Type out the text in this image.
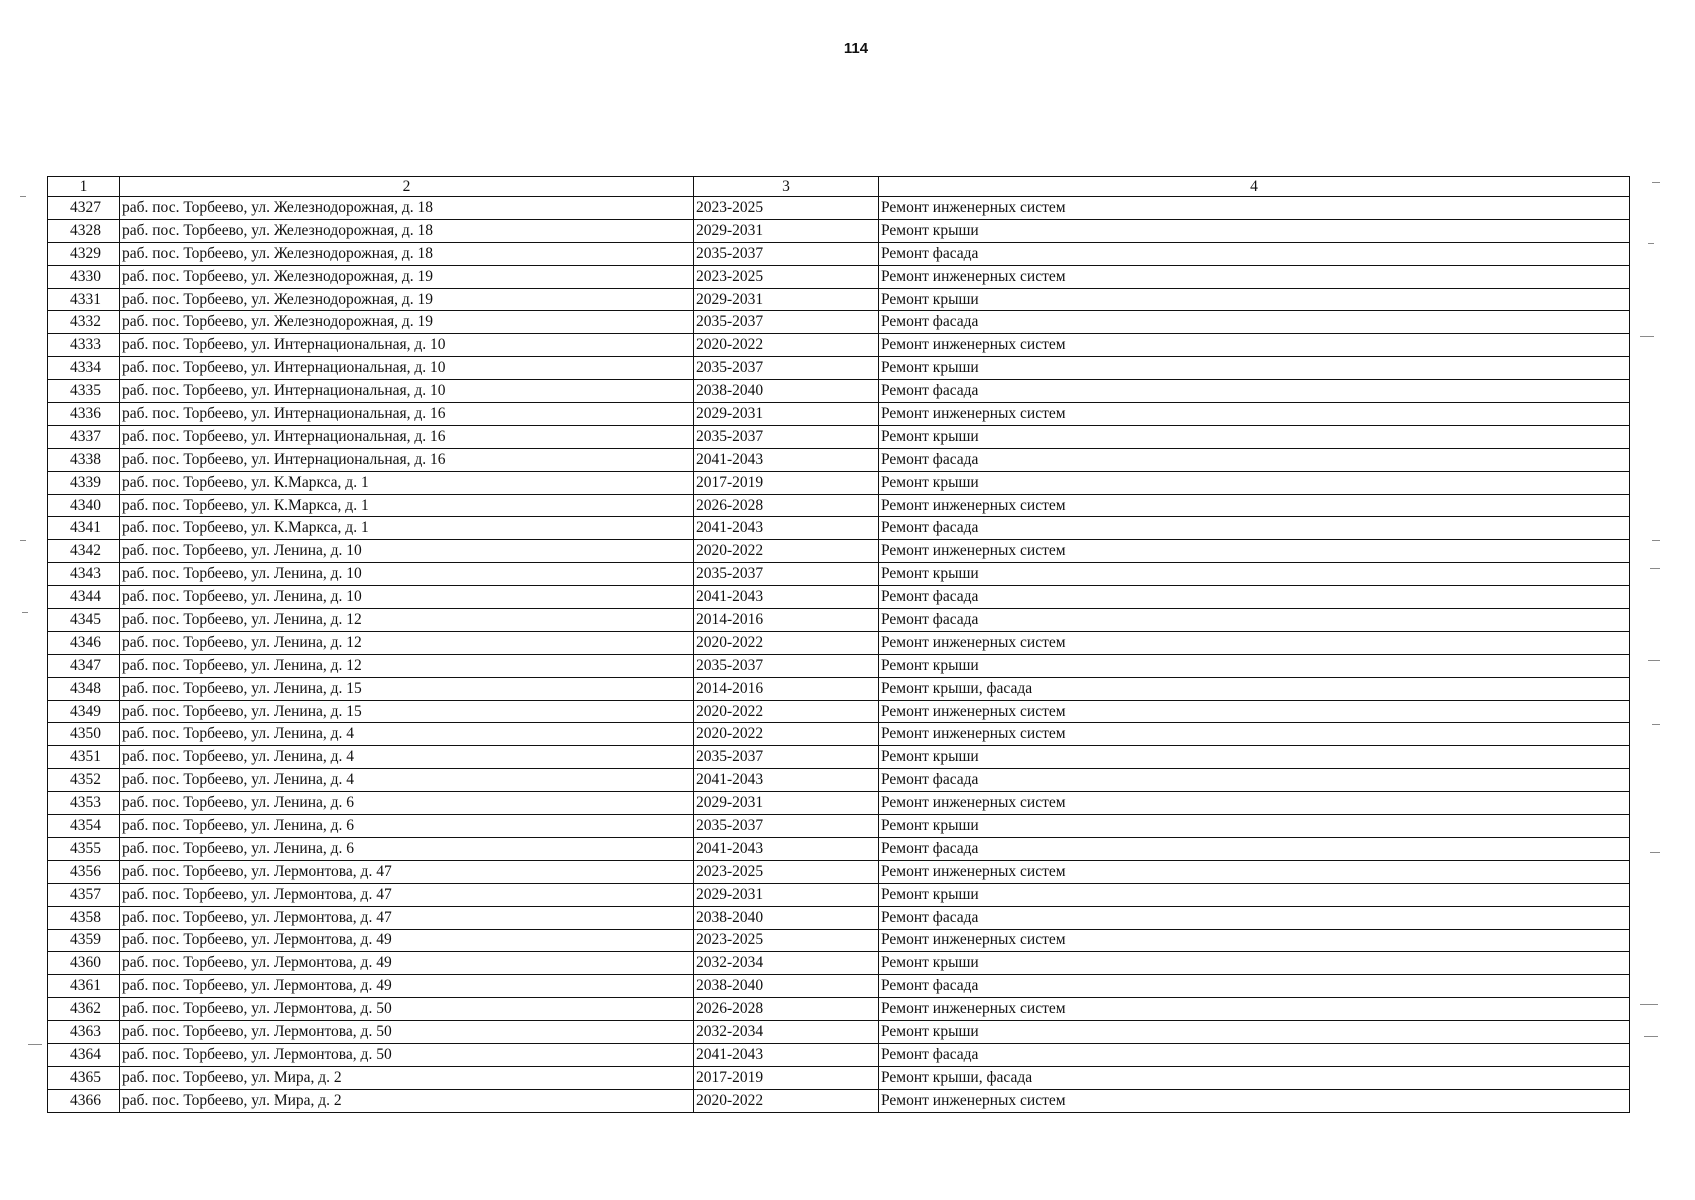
114
1	2	3	4
4327	раб. пос. Торбеево, ул. Железнодорожная, д. 18	2023-2025	Ремонт инженерных систем
4328	раб. пос. Торбеево, ул. Железнодорожная, д. 18	2029-2031	Ремонт крыши
4329	раб. пос. Торбеево, ул. Железнодорожная, д. 18	2035-2037	Ремонт фасада
4330	раб. пос. Торбеево, ул. Железнодорожная, д. 19	2023-2025	Ремонт инженерных систем
4331	раб. пос. Торбеево, ул. Железнодорожная, д. 19	2029-2031	Ремонт крыши
4332	раб. пос. Торбеево, ул. Железнодорожная, д. 19	2035-2037	Ремонт фасада
4333	раб. пос. Торбеево, ул. Интернациональная, д. 10	2020-2022	Ремонт инженерных систем
4334	раб. пос. Торбеево, ул. Интернациональная, д. 10	2035-2037	Ремонт крыши
4335	раб. пос. Торбеево, ул. Интернациональная, д. 10	2038-2040	Ремонт фасада
4336	раб. пос. Торбеево, ул. Интернациональная, д. 16	2029-2031	Ремонт инженерных систем
4337	раб. пос. Торбеево, ул. Интернациональная, д. 16	2035-2037	Ремонт крыши
4338	раб. пос. Торбеево, ул. Интернациональная, д. 16	2041-2043	Ремонт фасада
4339	раб. пос. Торбеево, ул. К.Маркса, д. 1	2017-2019	Ремонт крыши
4340	раб. пос. Торбеево, ул. К.Маркса, д. 1	2026-2028	Ремонт инженерных систем
4341	раб. пос. Торбеево, ул. К.Маркса, д. 1	2041-2043	Ремонт фасада
4342	раб. пос. Торбеево, ул. Ленина, д. 10	2020-2022	Ремонт инженерных систем
4343	раб. пос. Торбеево, ул. Ленина, д. 10	2035-2037	Ремонт крыши
4344	раб. пос. Торбеево, ул. Ленина, д. 10	2041-2043	Ремонт фасада
4345	раб. пос. Торбеево, ул. Ленина, д. 12	2014-2016	Ремонт фасада
4346	раб. пос. Торбеево, ул. Ленина, д. 12	2020-2022	Ремонт инженерных систем
4347	раб. пос. Торбеево, ул. Ленина, д. 12	2035-2037	Ремонт крыши
4348	раб. пос. Торбеево, ул. Ленина, д. 15	2014-2016	Ремонт крыши, фасада
4349	раб. пос. Торбеево, ул. Ленина, д. 15	2020-2022	Ремонт инженерных систем
4350	раб. пос. Торбеево, ул. Ленина, д. 4	2020-2022	Ремонт инженерных систем
4351	раб. пос. Торбеево, ул. Ленина, д. 4	2035-2037	Ремонт крыши
4352	раб. пос. Торбеево, ул. Ленина, д. 4	2041-2043	Ремонт фасада
4353	раб. пос. Торбеево, ул. Ленина, д. 6	2029-2031	Ремонт инженерных систем
4354	раб. пос. Торбеево, ул. Ленина, д. 6	2035-2037	Ремонт крыши
4355	раб. пос. Торбеево, ул. Ленина, д. 6	2041-2043	Ремонт фасада
4356	раб. пос. Торбеево, ул. Лермонтова, д. 47	2023-2025	Ремонт инженерных систем
4357	раб. пос. Торбеево, ул. Лермонтова, д. 47	2029-2031	Ремонт крыши
4358	раб. пос. Торбеево, ул. Лермонтова, д. 47	2038-2040	Ремонт фасада
4359	раб. пос. Торбеево, ул. Лермонтова, д. 49	2023-2025	Ремонт инженерных систем
4360	раб. пос. Торбеево, ул. Лермонтова, д. 49	2032-2034	Ремонт крыши
4361	раб. пос. Торбеево, ул. Лермонтова, д. 49	2038-2040	Ремонт фасада
4362	раб. пос. Торбеево, ул. Лермонтова, д. 50	2026-2028	Ремонт инженерных систем
4363	раб. пос. Торбеево, ул. Лермонтова, д. 50	2032-2034	Ремонт крыши
4364	раб. пос. Торбеево, ул. Лермонтова, д. 50	2041-2043	Ремонт фасада
4365	раб. пос. Торбеево, ул. Мира, д. 2	2017-2019	Ремонт крыши, фасада
4366	раб. пос. Торбеево, ул. Мира, д. 2	2020-2022	Ремонт инженерных систем
